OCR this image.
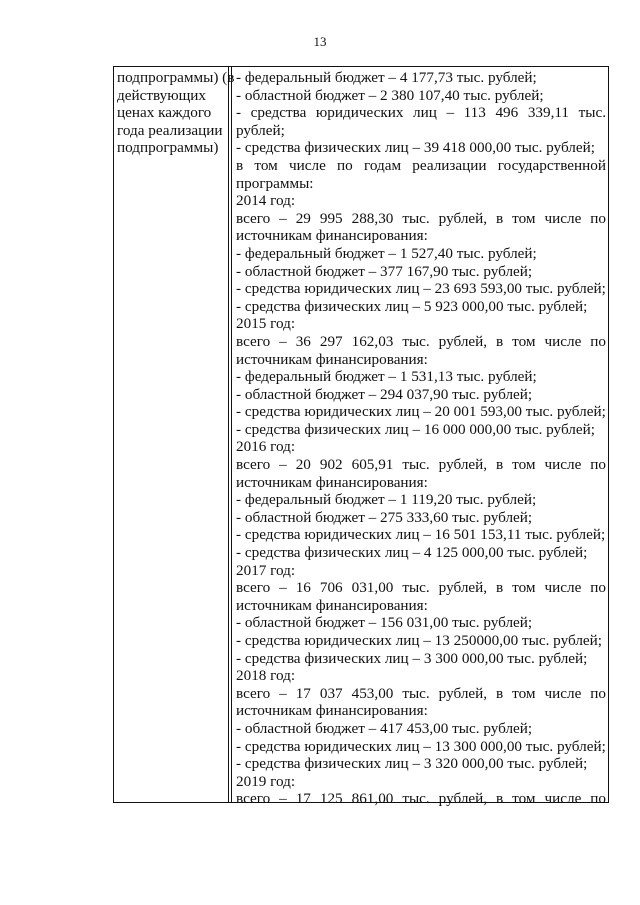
13
подпрограммы) (в
действующих
ценах каждого
года реализации
подпрограммы)
- федеральный бюджет – 4 177,73 тыс. рублей;
- областной бюджет – 2 380 107,40 тыс. рублей;
- средства юридических лиц – 113 496 339,11 тыс.
рублей;
- средства физических лиц – 39 418 000,00 тыс. рублей;
в том числе по годам реализации государственной
программы:
2014 год:
всего – 29 995 288,30 тыс. рублей, в том числе по
источникам финансирования:
- федеральный бюджет – 1 527,40 тыс. рублей;
- областной бюджет – 377 167,90 тыс. рублей;
- средства юридических лиц – 23 693 593,00 тыс. рублей;
- средства физических лиц – 5 923 000,00 тыс. рублей;
2015 год:
всего – 36 297 162,03 тыс. рублей, в том числе по
источникам финансирования:
- федеральный бюджет – 1 531,13 тыс. рублей;
- областной бюджет – 294 037,90 тыс. рублей;
- средства юридических лиц – 20 001 593,00 тыс. рублей;
- средства физических лиц – 16 000 000,00 тыс. рублей;
2016 год:
всего – 20 902 605,91 тыс. рублей, в том числе по
источникам финансирования:
- федеральный бюджет – 1 119,20 тыс. рублей;
- областной бюджет – 275 333,60 тыс. рублей;
- средства юридических лиц – 16 501 153,11 тыс. рублей;
- средства физических лиц – 4 125 000,00 тыс. рублей;
2017 год:
всего – 16 706 031,00 тыс. рублей, в том числе по
источникам финансирования:
- областной бюджет – 156 031,00 тыс. рублей;
- средства юридических лиц – 13 250000,00 тыс. рублей;
- средства физических лиц – 3 300 000,00 тыс. рублей;
2018 год:
всего – 17 037 453,00 тыс. рублей, в том числе по
источникам финансирования:
- областной бюджет – 417 453,00 тыс. рублей;
- средства юридических лиц – 13 300 000,00 тыс. рублей;
- средства физических лиц – 3 320 000,00 тыс. рублей;
2019 год:
всего – 17 125 861,00 тыс. рублей, в том числе по
